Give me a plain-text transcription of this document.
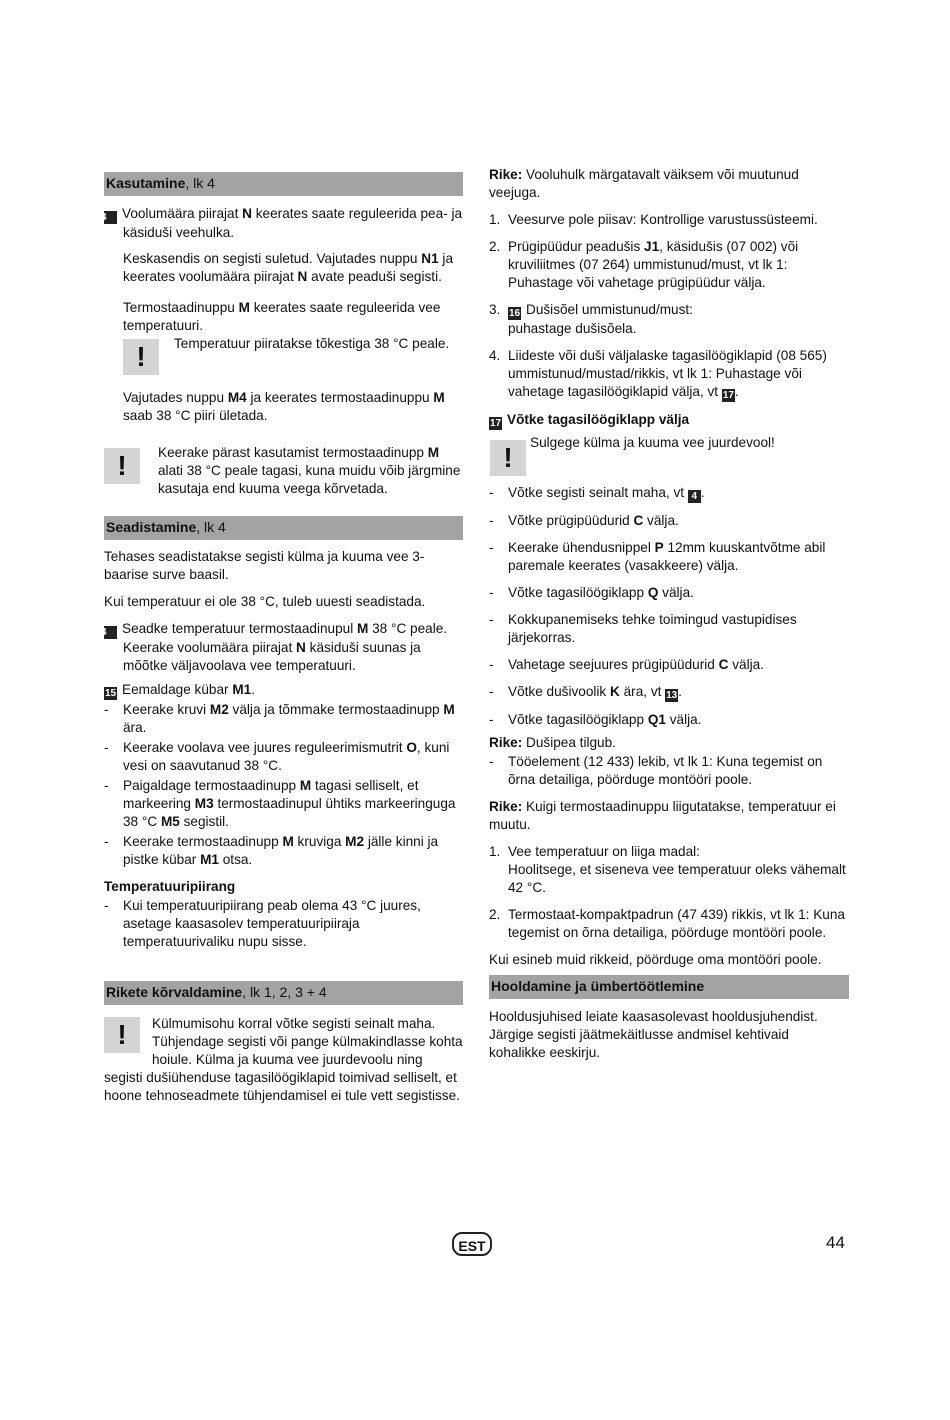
Kasutamine, lk 4

14 Voolumäära piirajat N keerates saate reguleerida pea- ja käsiduši veehulka.

Keskasendis on segisti suletud. Vajutades nuppu N1 ja keerates voolumäära piirajat N avate peaduši segisti.

Termostaadinuppu M keerates saate reguleerida vee temperatuuri.

!

Temperatuur piiratakse tõkestiga 38 °C peale.

Vajutades nuppu M4 ja keerates termostaadinuppu M saab 38 °C piiri ületada.

!

Keerake pärast kasutamist termostaadinupp M alati 38 °C peale tagasi, kuna muidu võib järgmine kasutaja end kuuma veega kõrvetada.

Seadistamine, lk 4

Tehases seadistatakse segisti külma ja kuuma vee 3-baarise surve baasil.

Kui temperatuur ei ole 38 °C, tuleb uuesti seadistada.

14 Seadke temperatuur termostaadinupul M 38 °C peale. Keerake voolumäära piirajat N käsiduši suunas ja mõõtke väljavoolava vee temperatuuri.

15 Eemaldage kübar M1.

- Keerake kruvi M2 välja ja tõmmake termostaadinupp M ära.

- Keerake voolava vee juures reguleerimismutrit O, kuni vesi on saavutanud 38 °C.

- Paigaldage termostaadinupp M tagasi selliselt, et markeering M3 termostaadinupul ühtiks markeeringuga 38 °C M5 segistil.

- Keerake termostaadinupp M kruviga M2 jälle kinni ja pistke kübar M1 otsa.

Temperatuuripiirang

- Kui temperatuuripiirang peab olema 43 °C juures, asetage kaasasolev temperatuuripiiraja temperatuurivaliku nupu sisse.

Rikete kõrvaldamine, lk 1, 2, 3 + 4
!

Külmumisohu korral võtke segisti seinalt maha. Tühjendage segisti või pange külmakindlasse kohta hoiule. Külma ja kuuma vee juurdevoolu ning segisti dušiühenduse tagasilöögiklapid toimivad selliselt, et hoone tehnoseadmete tühjendamisel ei tule vett segistisse.

Rike: Vooluhulk märgatavalt väiksem või muutunud veejuga.

1. Veesurve pole piisav: Kontrollige varustussüsteemi.
2. Prügipüüdur peadušis J1, käsidušis (07 002) või kruviliitmes (07 264) ummistunud/must, vt lk 1: Puhastage või vahetage prügipüüdur välja.
3. 16 Dušisõel ummistunud/must:
puhastage dušisõela.
4. Liideste või duši väljalaske tagasilöögiklapid (08 565) ummistunud/mustad/rikkis, vt lk 1: Puhastage või vahetage tagasilöögiklapid välja, vt 17.

17 Võtke tagasilöögiklapp välja

!

Sulgege külma ja kuuma vee juurdevool!

- Võtke segisti seinalt maha, vt 4 .

- Võtke prügipüüdurid C välja.

- Keerake ühendusnippel P 12mm kuuskantvõtme abil paremale keerates (vasakkeere) välja.

- Võtke tagasilöögiklapp Q välja.

- Kokkupanemiseks tehke toimingud vastupidises järjekorras.

- Vahetage seejuures prügipüüdurid C välja.

- Võtke dušivoolik K ära, vt 13.

- Võtke tagasilöögiklapp Q1 välja.

Rike: Dušipea tilgub.

- Tööelement (12 433) lekib, vt lk 1: Kuna tegemist on õrna detailiga, pöörduge montööri poole.

Rike: Kuigi termostaadinuppu liigutatakse, temperatuur ei muutu.

1. Vee temperatuur on liiga madal:
Hoolitsege, et siseneva vee temperatuur oleks vähemalt 42 °C.
2. Termostaat-kompaktpadrun (47 439) rikkis, vt lk 1: Kuna tegemist on õrna detailiga, pöörduge montööri poole.

Kui esineb muid rikkeid, pöörduge oma montööri poole.

Hooldamine ja ümbertöötlemine

Hooldusjuhised leiate kaasasolevast hooldusjuhendist. Järgige segisti jäätmekäitlusse andmisel kehtivaid kohalikke eeskirju.

EST	44
